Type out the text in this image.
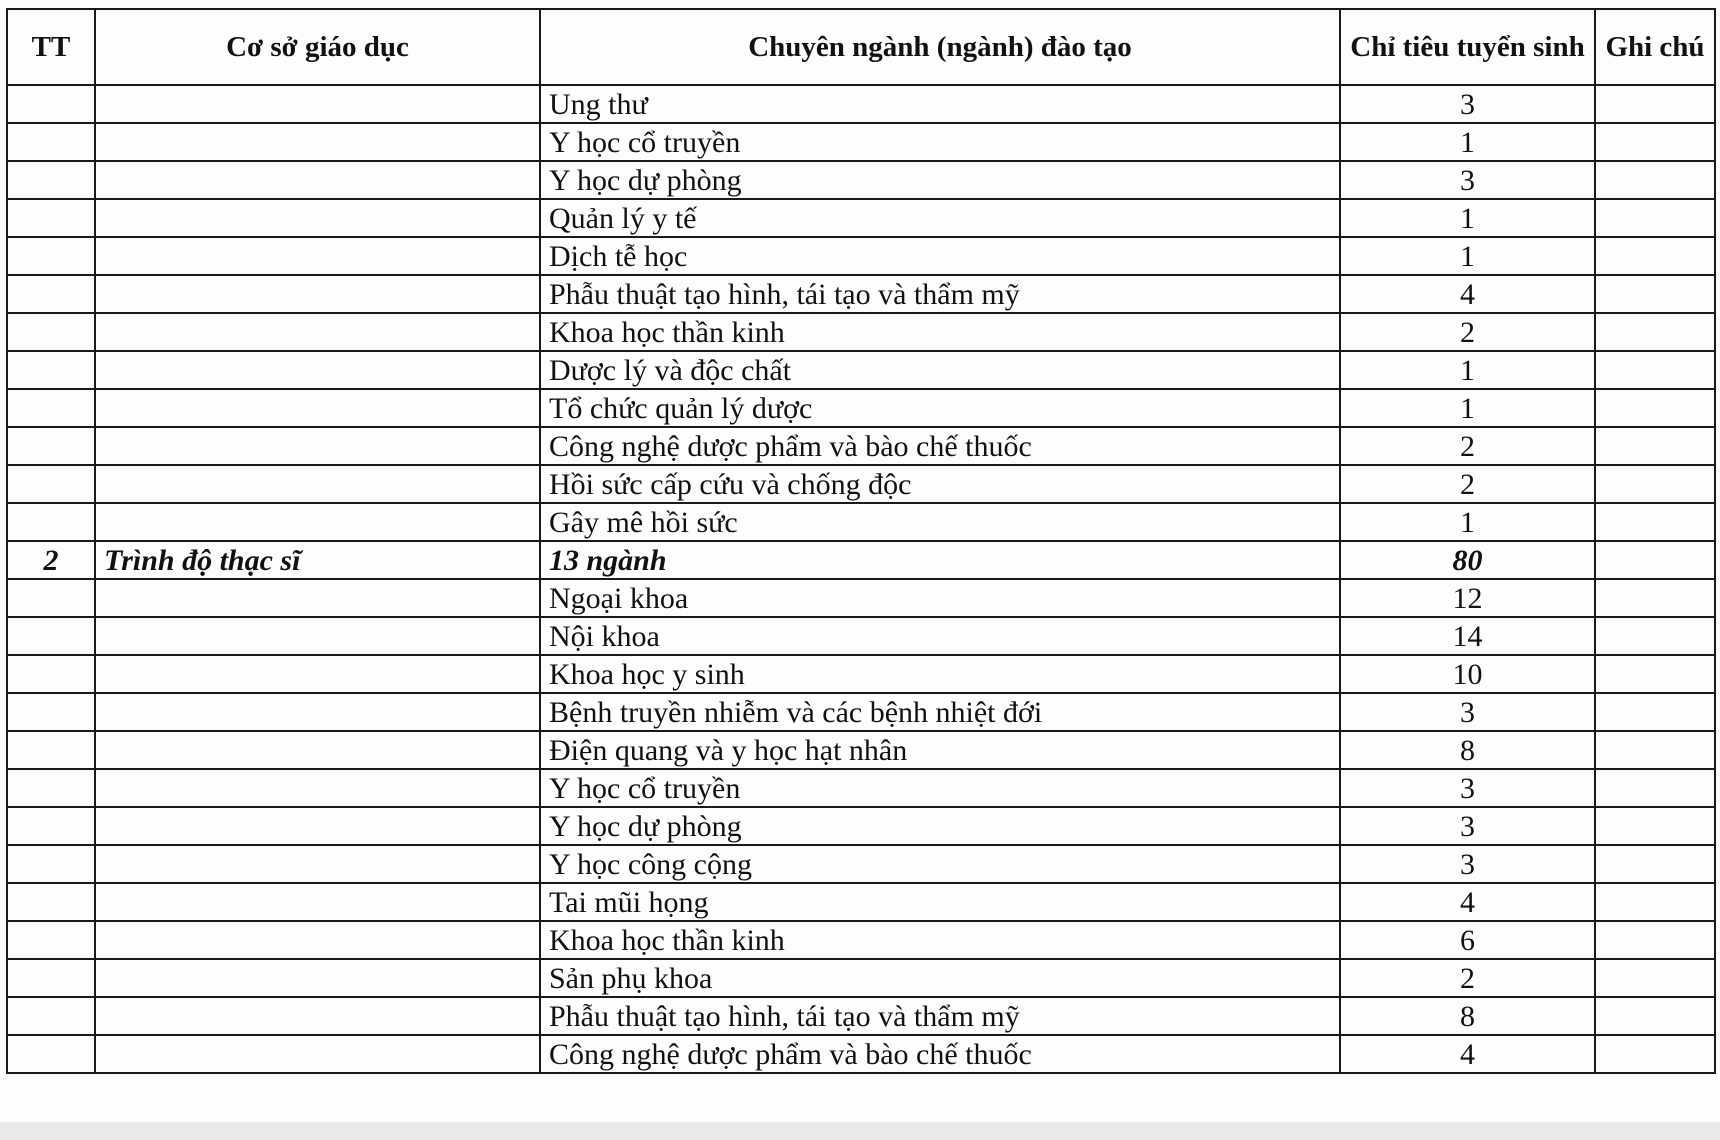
TT	Cơ sở giáo dục	Chuyên ngành (ngành) đào tạo	Chỉ tiêu tuyển sinh	Ghi chú
		Ung thư	3	
		Y học cổ truyền	1	
		Y học dự phòng	3	
		Quản lý y tế	1	
		Dịch tễ học	1	
		Phẫu thuật tạo hình, tái tạo và thẩm mỹ	4	
		Khoa học thần kinh	2	
		Dược lý và độc chất	1	
		Tổ chức quản lý dược	1	
		Công nghệ dược phẩm và bào chế thuốc	2	
		Hồi sức cấp cứu và chống độc	2	
		Gây mê hồi sức	1	
2	Trình độ thạc sĩ	13 ngành	80	
		Ngoại khoa	12	
		Nội khoa	14	
		Khoa học y sinh	10	
		Bệnh truyền nhiễm và các bệnh nhiệt đới	3	
		Điện quang và y học hạt nhân	8	
		Y học cổ truyền	3	
		Y học dự phòng	3	
		Y học công cộng	3	
		Tai mũi họng	4	
		Khoa học thần kinh	6	
		Sản phụ khoa	2	
		Phẫu thuật tạo hình, tái tạo và thẩm mỹ	8	
		Công nghệ dược phẩm và bào chế thuốc	4	
